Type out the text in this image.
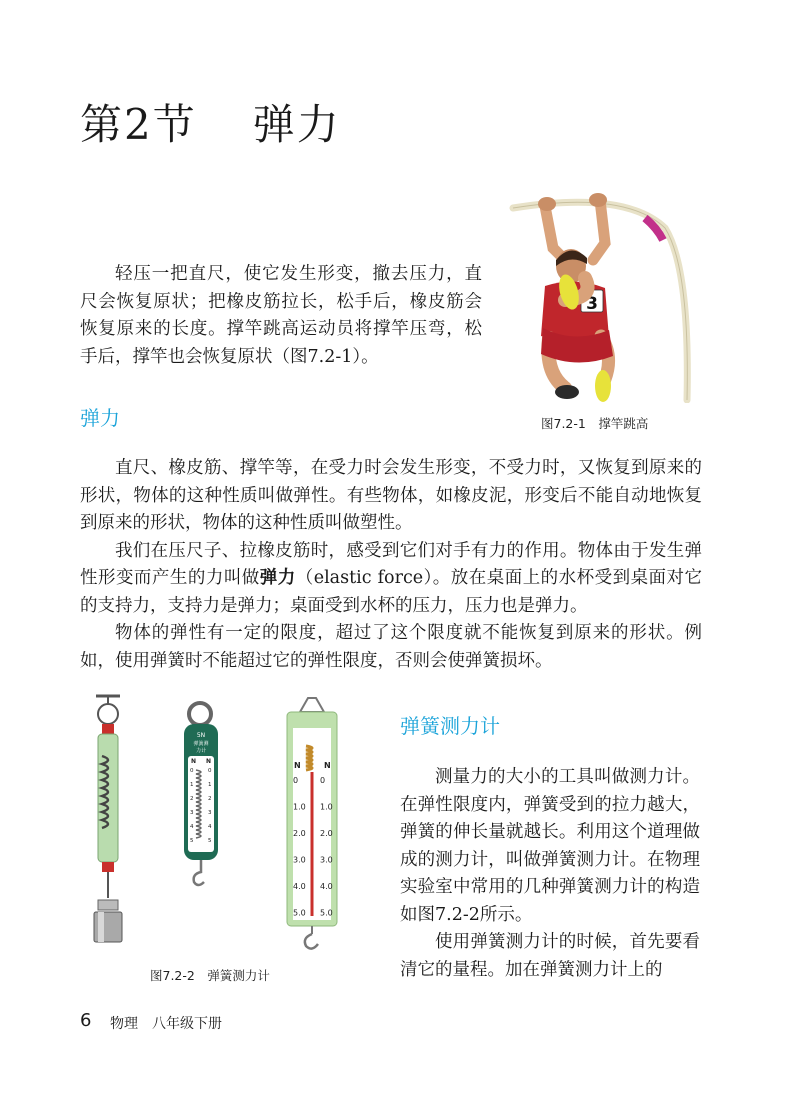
第2节 弹力
3
图7.2-1　撑竿跳高

轻压一把直尺，使它发生形变，撤去压力，直尺会恢复原状；把橡皮筋拉长，松手后，橡皮筋会恢复原来的长度。撑竿跳高运动员将撑竿压弯，松手后，撑竿也会恢复原状（图7.2-1）。

弹力

直尺、橡皮筋、撑竿等，在受力时会发生形变，不受力时，又恢复到原来的形状，物体的这种性质叫做弹性。有些物体，如橡皮泥，形变后不能自动地恢复到原来的形状，物体的这种性质叫做塑性。

我们在压尺子、拉橡皮筋时，感受到它们对手有力的作用。物体由于发生弹性形变而产生的力叫做弹力（elastic force）。放在桌面上的水杯受到桌面对它的支持力，支持力是弹力；桌面受到水杯的压力，压力也是弹力。

物体的弹性有一定的限度，超过了这个限度就不能恢复到原来的形状。例如，使用弹簧时不能超过它的弹性限度，否则会使弹簧损坏。

5N
弹簧测
力计
N N
0	0
1	1
2	2
3	3
4	4
5	5
N	N
0	0
1.0 1.0
2.0 2.0
3.0 3.0
4.0 4.0
5.0 5.0
图7.2-2　弹簧测力计
弹簧测力计

测量力的大小的工具叫做测力计。在弹性限度内，弹簧受到的拉力越大，弹簧的伸长量就越长。利用这个道理做成的测力计，叫做弹簧测力计。在物理实验室中常用的几种弹簧测力计的构造如图7.2-2所示。

使用弹簧测力计的时候，首先要看清它的量程。加在弹簧测力计上的

6 物理　八年级下册
